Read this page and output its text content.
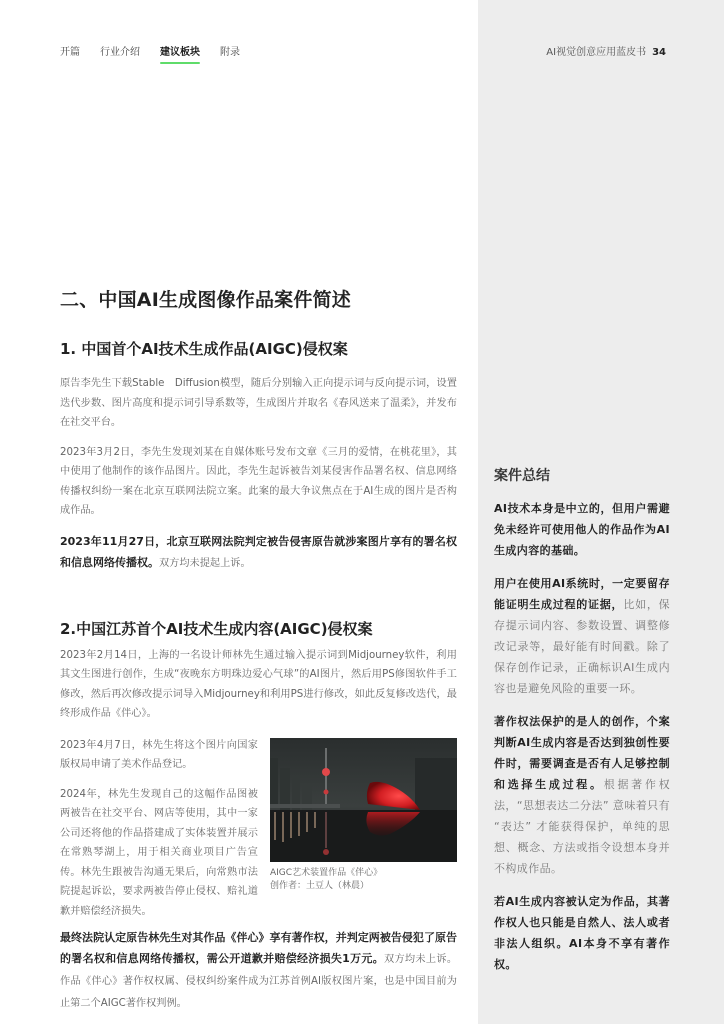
开篇 行业介绍 建议板块 附录	AI视觉创意应用蓝皮书 34
二、中国AI生成图像作品案件简述
1. 中国首个AI技术生成作品(AIGC)侵权案

原告李先生下载Stable　Diffusion模型，随后分别输入正向提示词与反向提示词，设置迭代步数、图片高度和提示词引导系数等，生成图片并取名《春风送来了温柔》，并发布在社交平台。

2023年3月2日，李先生发现刘某在自媒体账号发布文章《三月的爱情，在桃花里》，其中使用了他制作的该作品图片。因此，李先生起诉被告刘某侵害作品署名权、信息网络传播权纠纷一案在北京互联网法院立案。此案的最大争议焦点在于AI生成的图片是否构成作品。

2023年11月27日，北京互联网法院判定被告侵害原告就涉案图片享有的署名权和信息网络传播权。双方均未提起上诉。

2.中国江苏首个AI技术生成内容(AIGC)侵权案

2023年2月14日，上海的一名设计师林先生通过输入提示词到Midjourney软件，利用其文生图进行创作，生成“夜晚东方明珠边爱心气球”的AI图片，然后用PS修图软件手工修改，然后再次修改提示词导入Midjourney和利用PS进行修改，如此反复修改迭代，最终形成作品《伴心》。

2023年4月7日，林先生将这个图片向国家版权局申请了美术作品登记。

2024年，林先生发现自己的这幅作品图被两被告在社交平台、网店等使用，其中一家公司还将他的作品搭建成了实体装置并展示在常熟琴湖上，用于相关商业项目广告宣传。林先生跟被告沟通无果后，向常熟市法院提起诉讼，要求两被告停止侵权、赔礼道歉并赔偿经济损失。

AIGC艺术装置作品《伴心》
创作者：土豆人（林晨）

最终法院认定原告林先生对其作品《伴心》享有著作权，并判定两被告侵犯了原告的署名权和信息网络传播权，需公开道歉并赔偿经济损失1万元。双方均未上诉。作品《伴心》著作权权属、侵权纠纷案件成为江苏首例AI版权图片案，也是中国目前为止第二个AIGC著作权判例。

案件总结

AI技术本身是中立的，但用户需避免未经许可使用他人的作品作为AI生成内容的基础。

用户在使用AI系统时，一定要留存能证明生成过程的证据，比如，保存提示词内容、参数设置、调整修改记录等，最好能有时间戳。除了保存创作记录，正确标识AI生成内容也是避免风险的重要一环。

著作权法保护的是人的创作，个案判断AI生成内容是否达到独创性要件时，需要调查是否有人足够控制和选择生成过程。根据著作权法，“思想表达二分法” 意味着只有 “表达” 才能获得保护，单纯的思想、概念、方法或指令设想本身并不构成作品。

若AI生成内容被认定为作品，其著作权人也只能是自然人、法人或者非法人组织。AI本身不享有著作权。
